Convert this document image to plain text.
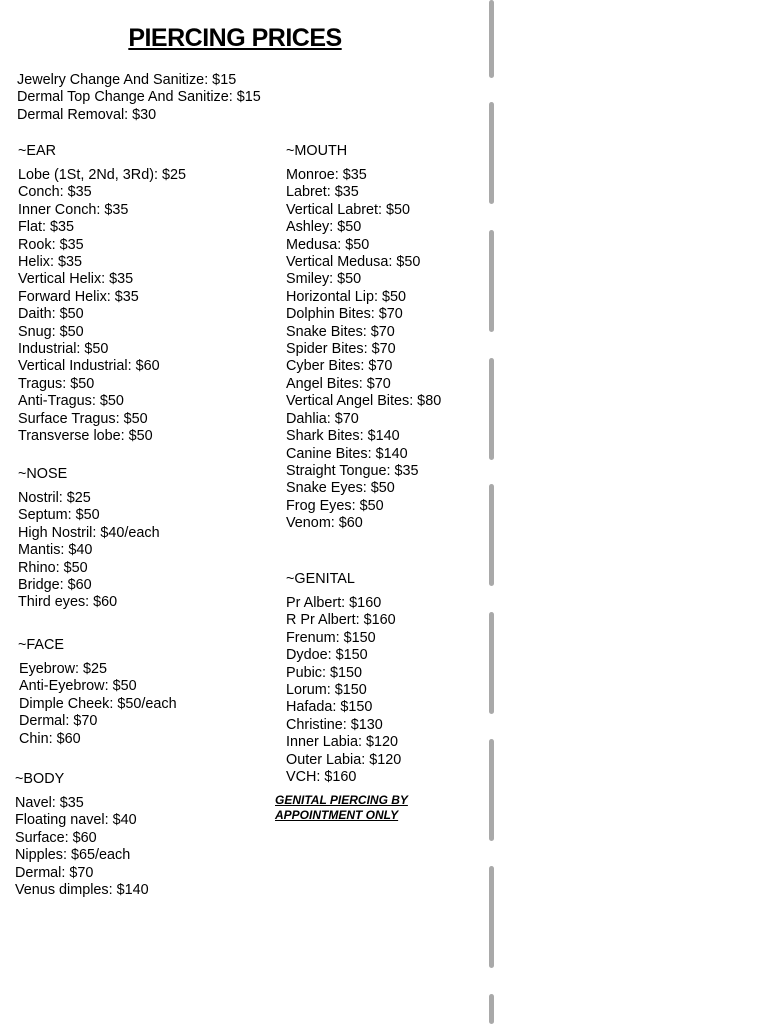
PIERCING PRICES
Jewelry Change And Sanitize: $15
Dermal Top Change And Sanitize: $15
Dermal Removal: $30
~EAR
Lobe (1St, 2Nd, 3Rd): $25
Conch: $35
Inner Conch: $35
Flat: $35
Rook: $35
Helix: $35
Vertical Helix: $35
Forward Helix: $35
Daith: $50
Snug: $50
Industrial: $50
Vertical Industrial: $60
Tragus: $50
Anti-Tragus: $50
Surface Tragus: $50
Transverse lobe: $50
~NOSE
Nostril: $25
Septum: $50
High Nostril: $40/each
Mantis: $40
Rhino: $50
Bridge: $60
Third eyes: $60
~FACE
Eyebrow: $25
Anti-Eyebrow: $50
Dimple Cheek: $50/each
Dermal: $70
Chin: $60
~BODY
Navel: $35
Floating navel: $40
Surface: $60
Nipples: $65/each
Dermal: $70
Venus dimples: $140
~MOUTH
Monroe: $35
Labret: $35
Vertical Labret: $50
Ashley: $50
Medusa: $50
Vertical Medusa: $50
Smiley: $50
Horizontal Lip: $50
Dolphin Bites: $70
Snake Bites: $70
Spider Bites: $70
Cyber Bites: $70
Angel Bites: $70
Vertical Angel Bites: $80
Dahlia: $70
Shark Bites: $140
Canine Bites: $140
Straight Tongue: $35
Snake Eyes: $50
Frog Eyes: $50
Venom: $60
~GENITAL
Pr Albert: $160
R Pr Albert: $160
Frenum: $150
Dydoe: $150
Pubic: $150
Lorum: $150
Hafada: $150
Christine: $130
Inner Labia: $120
Outer Labia: $120
VCH: $160
GENITAL PIERCING BY
APPOINTMENT ONLY
